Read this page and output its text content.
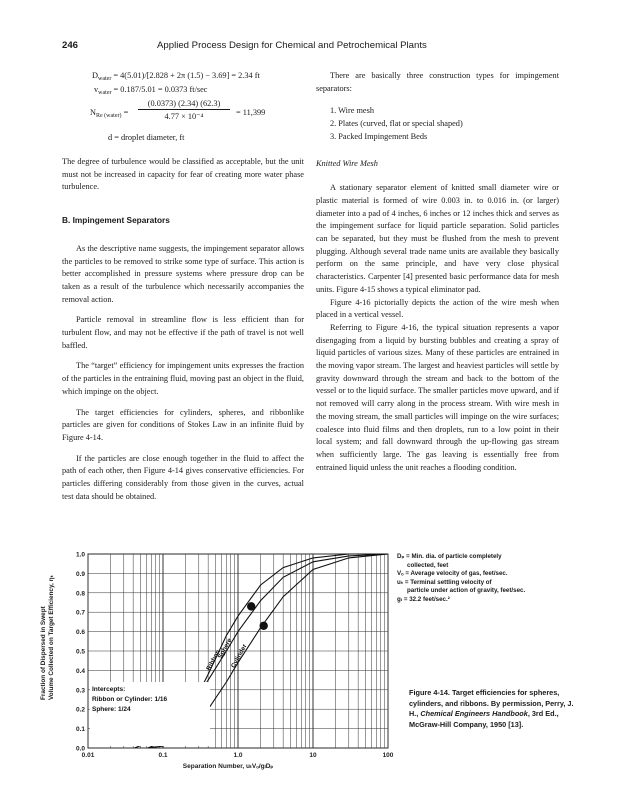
246	Applied Process Design for Chemical and Petrochemical Plants
$D_{water} = 4(5.01)/[2.828 + 2\pi$ (1.5) − 3.69] = 2.34 ft
$v_{water} = 0.187/5.01 = 0.0373$ ft/sec
$N_{Re (water)}$ =
(0.0373) (2.34) (62.3)
4.77 × 10⁻⁴	= 11,399
d = droplet diameter, ft

The degree of turbulence would be classified as acceptable, but the unit must not be increased in capacity for fear of creating more water phase turbulence.

B. Impingement Separators

As the descriptive name suggests, the impingement separator allows the particles to be removed to strike some type of surface. This action is better accomplished in pressure systems where pressure drop can be taken as a result of the turbulence which necessarily accompanies the removal action.

Particle removal in streamline flow is less efficient than for turbulent flow, and may not be effective if the path of travel is not well baffled.

The “target” efficiency for impingement units expresses the fraction of the particles in the entraining fluid, moving past an object in the fluid, which impinge on the object.

The target efficiencies for cylinders, spheres, and ribbonlike particles are given for conditions of Stokes Law in an infinite fluid by Figure 4-14.

If the particles are close enough together in the fluid to affect the path of each other, then Figure 4-14 gives conservative efficiencies. For particles differing considerably from those given in the curves, actual test data should be obtained.

There are basically three construction types for impingement separators:

1. Wire mesh
2. Plates (curved, flat or special shaped)
3. Packed Impingement Beds
Knitted Wire Mesh

A stationary separator element of knitted small diameter wire or plastic material is formed of wire 0.003 in. to 0.016 in. (or larger) diameter into a pad of 4 inches, 6 inches or 12 inches thick and serves as the impingement surface for liquid particle separation. Solid particles can be separated, but they must be flushed from the mesh to prevent plugging. Although several trade name units are available they basically perform on the same principle, and have very close physical characteristics. Carpenter [4] presented basic performance data for mesh units. Figure 4-15 shows a typical eliminator pad.

Figure 4-16 pictorially depicts the action of the wire mesh when placed in a vertical vessel.

Referring to Figure 4-16, the typical situation represents a vapor disengaging from a liquid by bursting bubbles and creating a spray of liquid particles of various sizes. Many of these particles are entrained in the moving vapor stream. The largest and heaviest particles will settle by gravity downward through the stream and back to the bottom of the vessel or to the liquid surface. The smaller particles move upward, and if not removed will carry along in the process stream. With wire mesh in the moving stream, the small particles will impinge on the wire surfaces; coalesce into fluid films and then droplets, run to a low point in their local system; and fall downward through the up-flowing gas stream when sufficiently large. The gas leaving is essentially free from entrained liquid unless the unit reaches a flooding condition.

0.0
0.1
0.2
0.3
0.4
0.5
0.6
0.7
0.8
0.9
1.0
0.01	0.1	1.0	10	100
Separation Number, uₜVₒ/gₗDₚ
Ribbon
Sphere
Cylinder
Intercepts:
Ribbon or Cylinder: 1/16
Sphere: 1/24
Fraction of Dispersed in Swept Volume Collected on Target Efficiency, ηₜ
Dₚ = Min. dia. of particle completely
collected, feet
Vₒ = Average velocity of gas, feet/sec.
uₜ = Terminal settling velocity of
particle under action of gravity, feet/sec.
gₗ = 32.2 feet/sec.²
Figure 4-14. Target efficiencies for spheres, cylinders, and ribbons. By permission, Perry, J. H., Chemical Engineers Handbook, 3rd Ed., McGraw-Hill Company, 1950 [13].
